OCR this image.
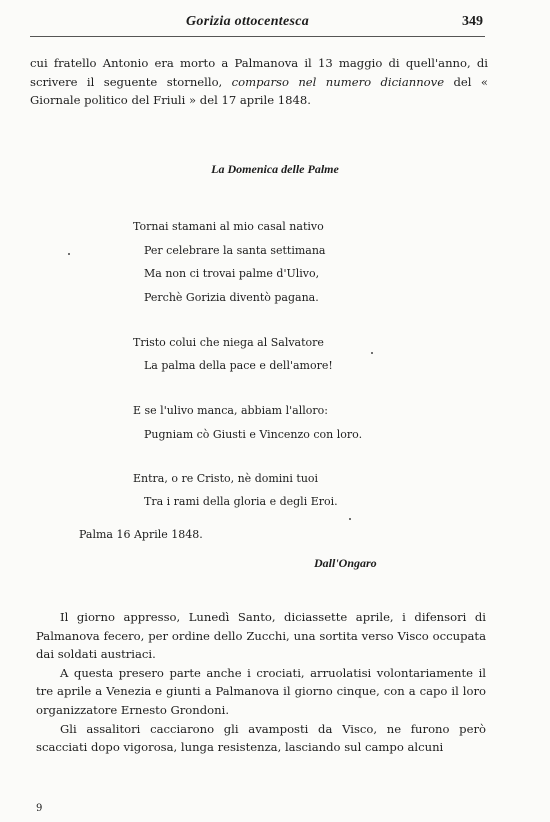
Gorizia ottocentesca	349
cui fratello Antonio era morto a Palmanova il 13 maggio di quell'anno, di scrivere il seguente stornello, comparso nel numero diciannove del « Giornale politico del Friuli » del 17 aprile 1848.
La Domenica delle Palme
Tornai stamani al mio casal nativo
Per celebrare la santa settimana
Ma non ci trovai palme d'Ulivo,
Perchè Gorizia diventò pagana.
Tristo colui che niega al Salvatore
La palma della pace e dell'amore!
E se l'ulivo manca, abbiam l'alloro:
Pugniam cò Giusti e Vincenzo con loro.
Entra, o re Cristo, nè domini tuoi
Tra i rami della gloria e degli Eroi.
Palma 16 Aprile 1848.
Dall'Ongaro

Il giorno appresso, Lunedì Santo, diciassette aprile, i difensori di Palmanova fecero, per ordine dello Zucchi, una sortita verso Visco occupata dai soldati austriaci.

A questa presero parte anche i crociati, arruolatisi volontariamente il tre aprile a Venezia e giunti a Palmanova il giorno cinque, con a capo il loro organizzatore Ernesto Grondoni.

Gli assalitori cacciarono gli avamposti da Visco, ne furono però scacciati dopo vigorosa, lunga resistenza, lasciando sul campo alcuni

9
